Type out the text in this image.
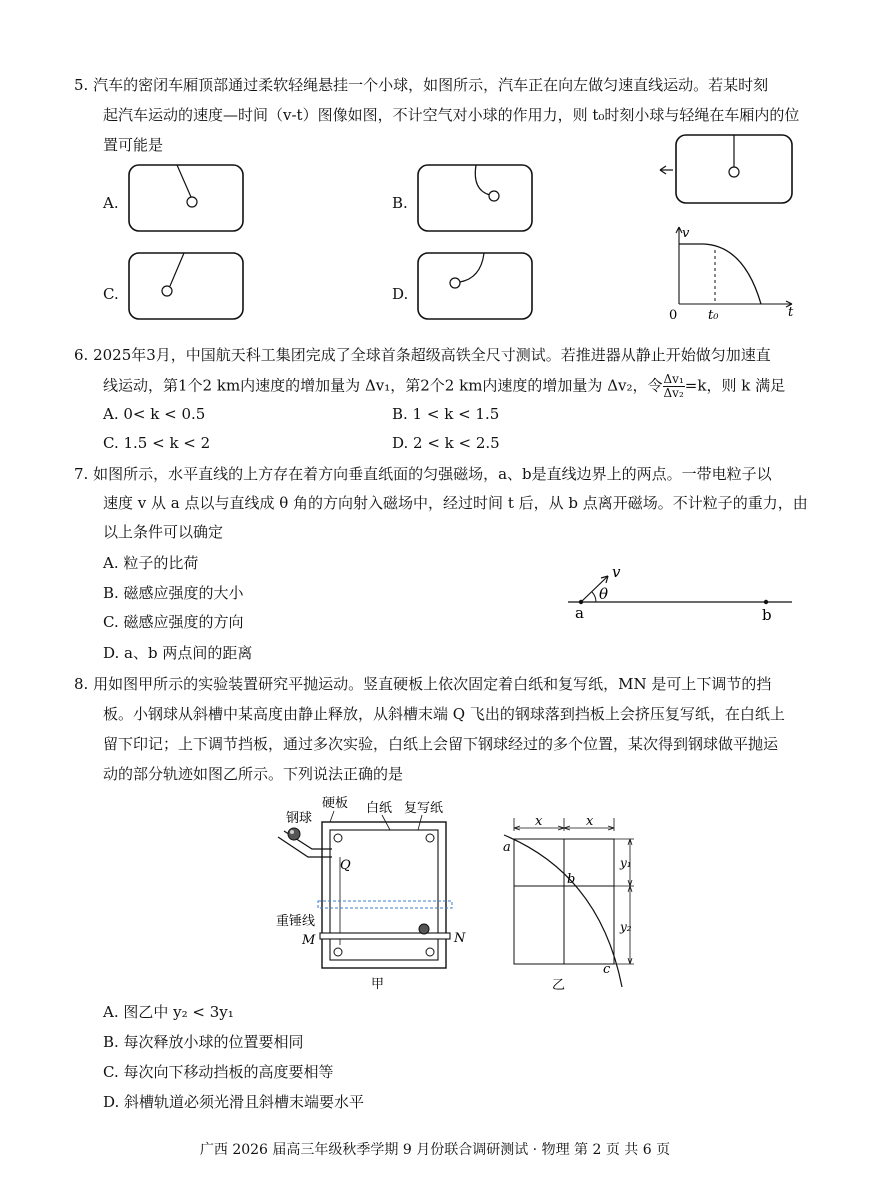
5. 汽车的密闭车厢顶部通过柔软轻绳悬挂一个小球，如图所示，汽车正在向左做匀速直线运动。若某时刻
起汽车运动的速度—时间（v-t）图像如图，不计空气对小球的作用力，则 t₀时刻小球与轻绳在车厢内的位
置可能是
A.	B.
C.	D.
v
t
0 t₀
6. 2025年3月，中国航天科工集团完成了全球首条超级高铁全尺寸测试。若推进器从静止开始做匀加速直
线运动，第1个2 km内速度的增加量为 Δv₁，第2个2 km内速度的增加量为 Δv₂，令 $\frac{\text{Δv₁}}{\text{Δv₂}} =k$，则 k 满足
A. 0< k < 0.5	B. 1 < k < 1.5
C. 1.5 < k < 2	D. 2 < k < 2.5
7. 如图所示，水平直线的上方存在着方向垂直纸面的匀强磁场，a、b是直线边界上的两点。一带电粒子以
速度 v 从 a 点以与直线成 θ 角的方向射入磁场中，经过时间 t 后，从 b 点离开磁场。不计粒子的重力，由
以上条件可以确定
A. 粒子的比荷
B. 磁感应强度的大小
C. 磁感应强度的方向
D. a、b 两点间的距离
v
θ
a	b
8. 用如图甲所示的实验装置研究平抛运动。竖直硬板上依次固定着白纸和复写纸，MN 是可上下调节的挡
板。小钢球从斜槽中某高度由静止释放，从斜槽末端 Q 飞出的钢球落到挡板上会挤压复写纸，在白纸上
留下印记；上下调节挡板，通过多次实验，白纸上会留下钢球经过的多个位置，某次得到钢球做平抛运
动的部分轨迹如图乙所示。下列说法正确的是
硬板
钢球
白纸 复写纸
Q
重锤线
M	N
甲
x	x
a
b
c
y₁
y₂
乙
A. 图乙中 y₂ < 3y₁
B. 每次释放小球的位置要相同
C. 每次向下移动挡板的高度要相等
D. 斜槽轨道必须光滑且斜槽末端要水平
广西 2026 届高三年级秋季学期 9 月份联合调研测试 · 物理 第 2 页 共 6 页
